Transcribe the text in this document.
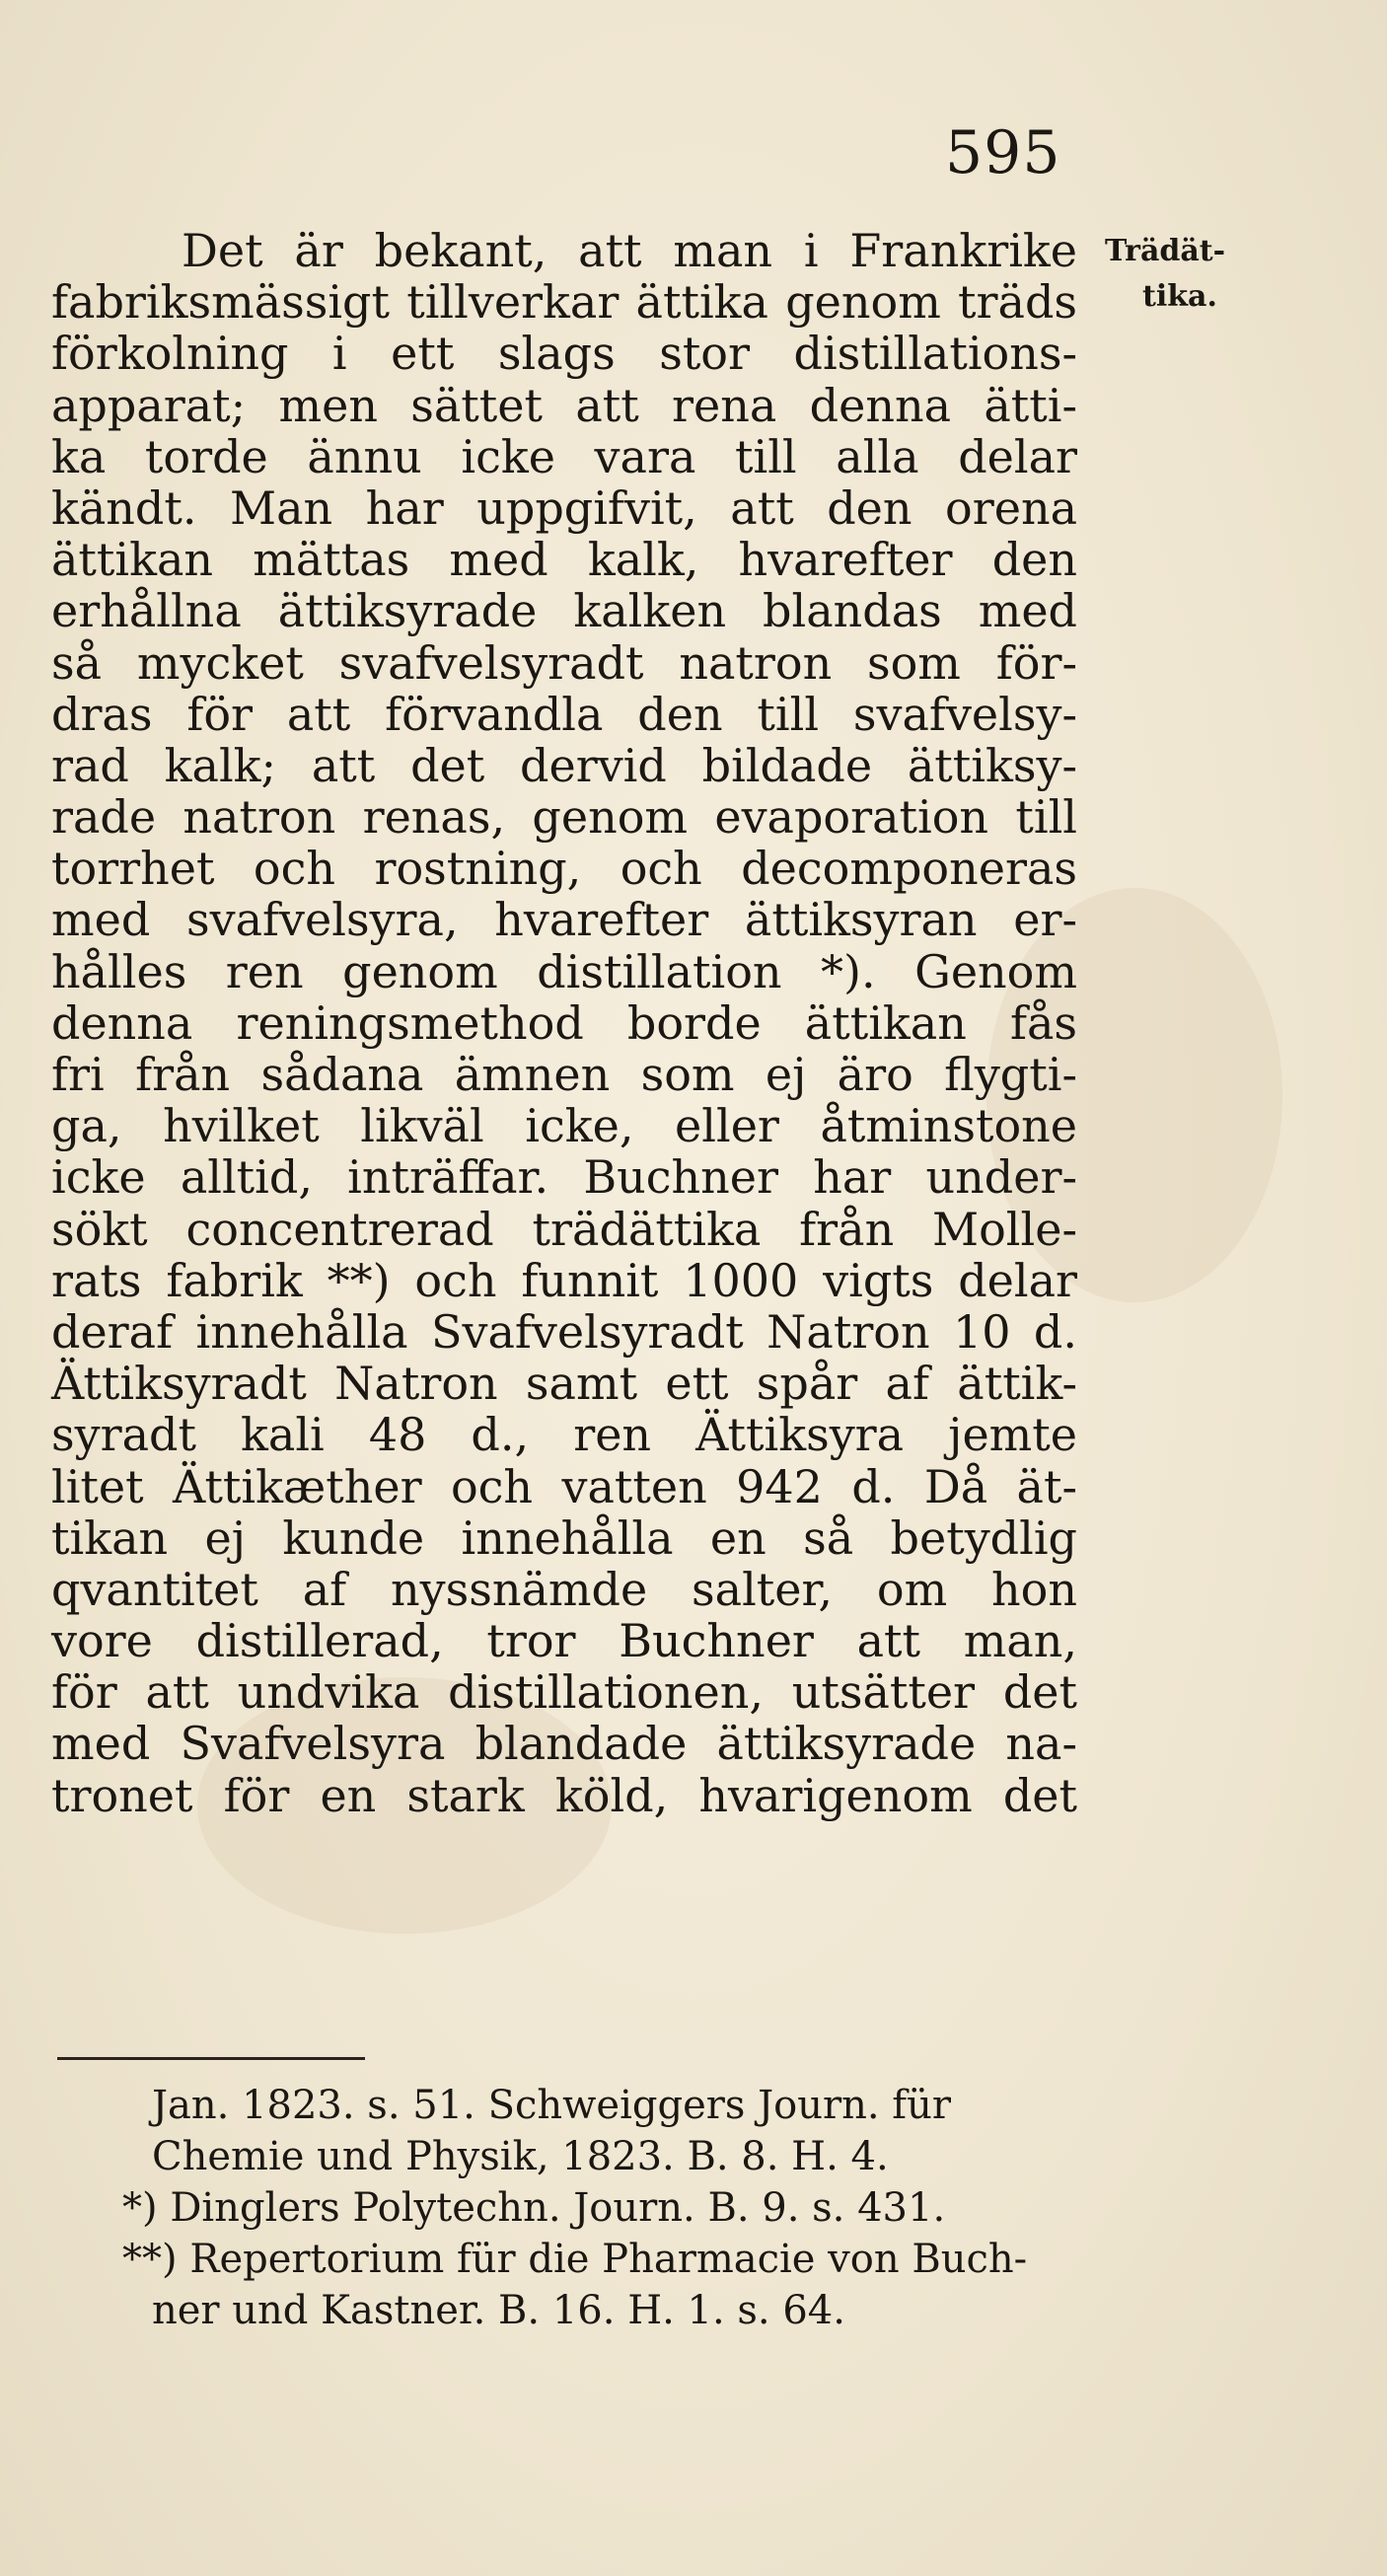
595
Trädät-
tika.
Det är bekant, att man i Frankrike
fabriksmässigt tillverkar ättika genom träds
förkolning i ett slags stor distillations-
apparat; men sättet att rena denna ätti-
ka torde ännu icke vara till alla delar
kändt. Man har uppgifvit, att den orena
ättikan mättas med kalk, hvarefter den
erhållna ättiksyrade kalken blandas med
så mycket svafvelsyradt natron som för-
dras för att förvandla den till svafvelsy-
rad kalk; att det dervid bildade ättiksy-
rade natron renas, genom evaporation till
torrhet och rostning, och decomponeras
med svafvelsyra, hvarefter ättiksyran er-
hålles ren genom distillation *). Genom
denna reningsmethod borde ättikan fås
fri från sådana ämnen som ej äro flygti-
ga, hvilket likväl icke, eller åtminstone
icke alltid, inträffar. Buchner har under-
sökt concentrerad trädättika från Molle-
rats fabrik **) och funnit 1000 vigts delar
deraf innehålla Svafvelsyradt Natron 10 d.
Ättiksyradt Natron samt ett spår af ättik-
syradt kali 48 d., ren Ättiksyra jemte
litet Ättikæther och vatten 942 d. Då ät-
tikan ej kunde innehålla en så betydlig
qvantitet af nyssnämde salter, om hon
vore distillerad, tror Buchner att man,
för att undvika distillationen, utsätter det
med Svafvelsyra blandade ättiksyrade na-
tronet för en stark köld, hvarigenom det
Jan. 1823. s. 51. Schweiggers Journ. für
Chemie und Physik, 1823. B. 8. H. 4.
*) Dinglers Polytechn. Journ. B. 9. s. 431.
**) Repertorium für die Pharmacie von Buch-
ner und Kastner. B. 16. H. 1. s. 64.
